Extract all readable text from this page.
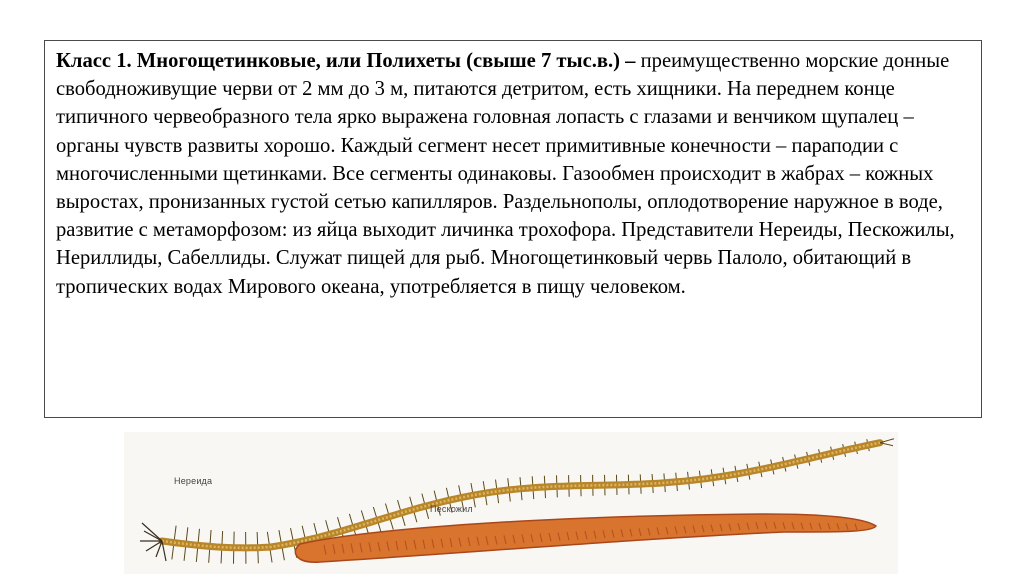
Класс 1. Многощетинковые, или Полихеты (свыше 7 тыс.в.) – преимущественно морские донные свободноживущие черви от 2 мм до 3 м, питаются детритом, есть хищники. На переднем конце типичного червеобразного тела ярко выражена головная лопасть с глазами и венчиком щупалец – органы чувств развиты хорошо. Каждый сегмент несет примитивные конечности – параподии с многочисленными щетинками. Все сегменты одинаковы. Газообмен происходит в жабрах – кожных выростах, пронизанных густой сетью капилляров. Раздельнополы, оплодотворение наружное в воде, развитие с метаморфозом: из яйца выходит личинка трохофора. Представители Нереиды, Пескожилы, Нериллиды, Сабеллиды. Служат пищей для рыб. Многощетинковый червь Палоло, обитающий в тропических водах Мирового океана, употребляется в пищу человеком.

Нереида
Пескожил
